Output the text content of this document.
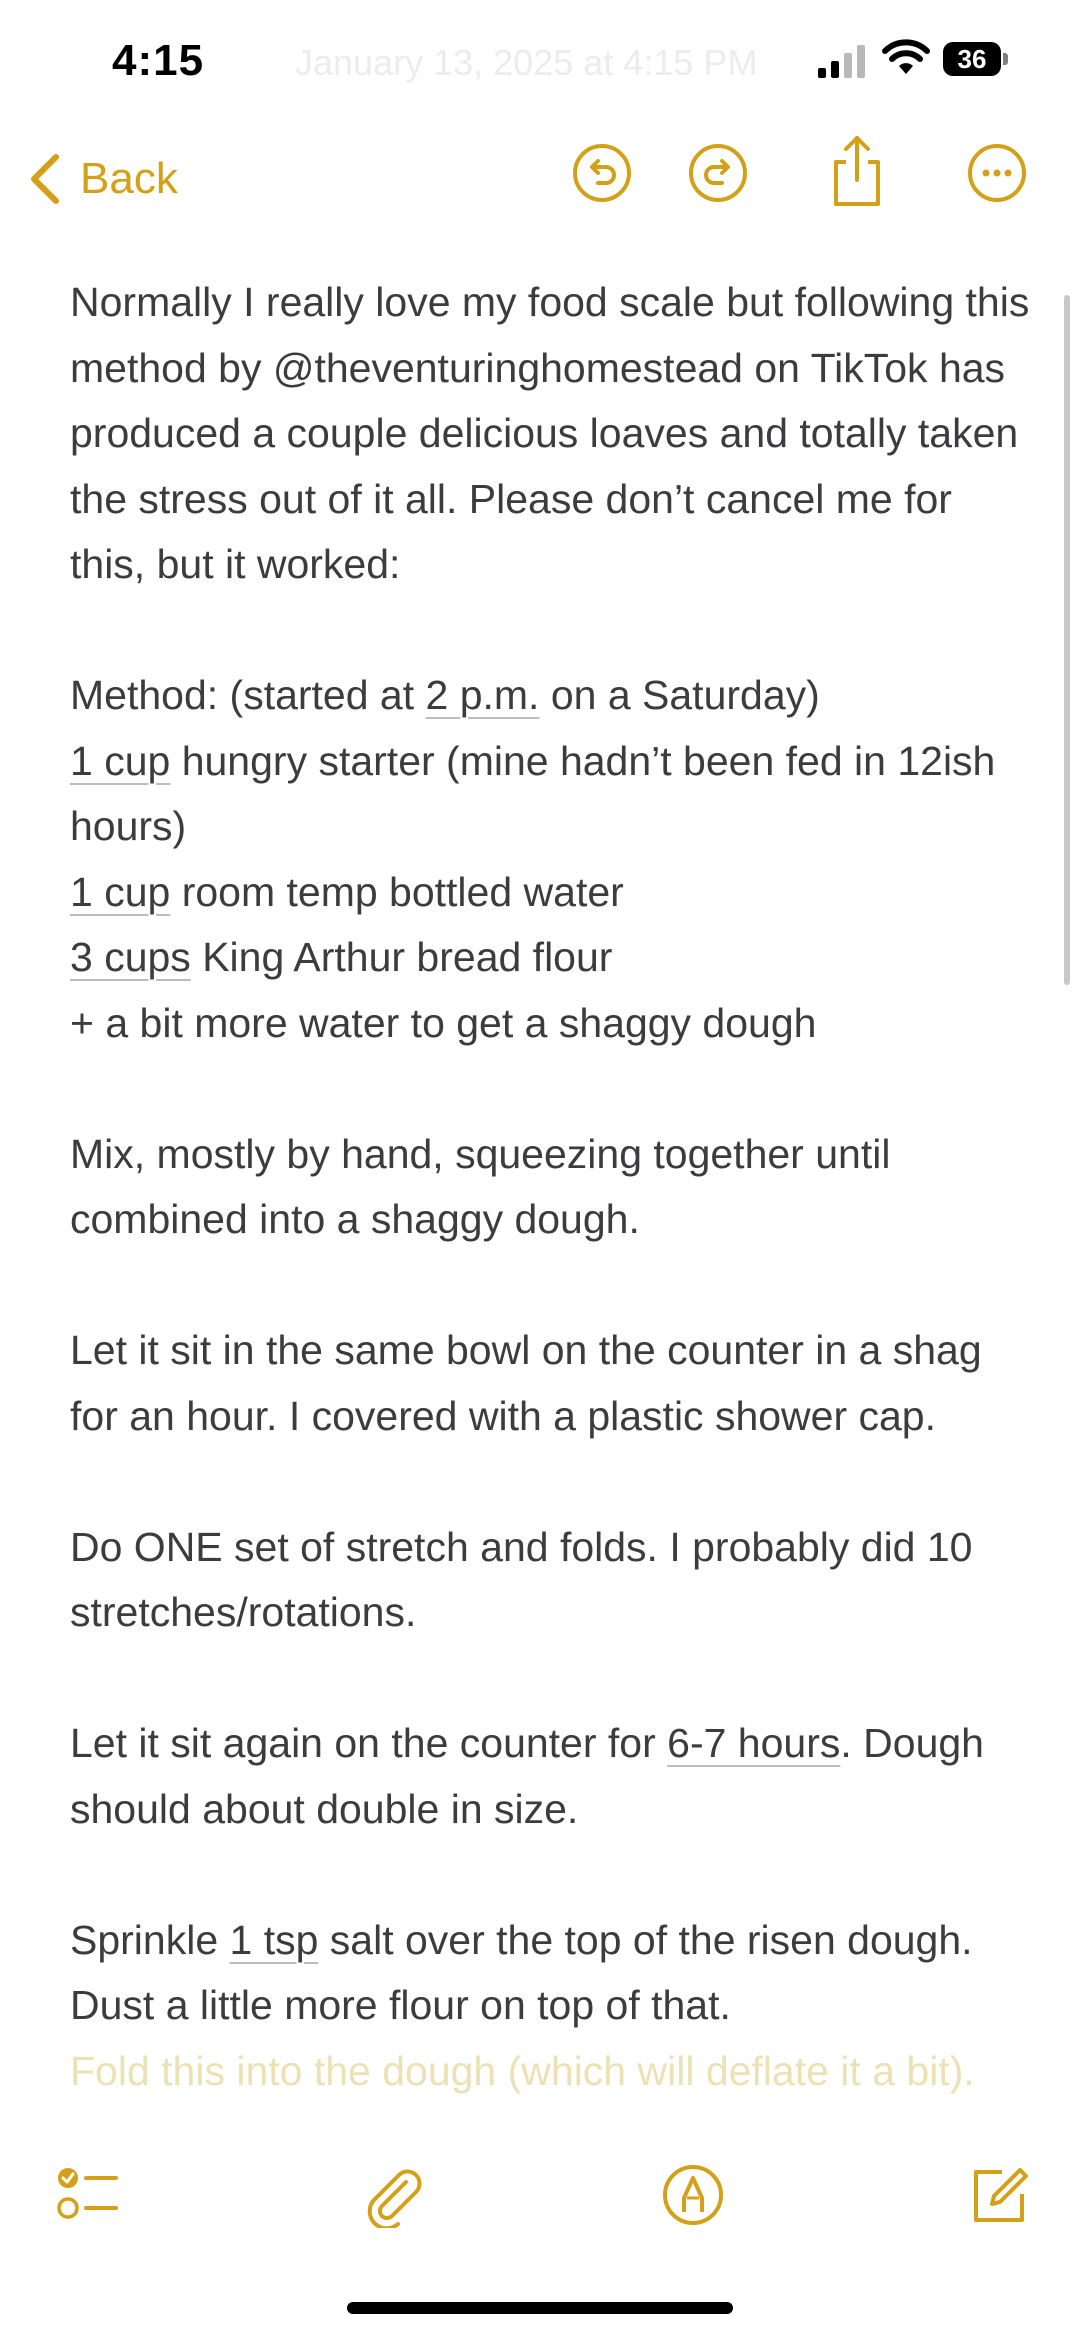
4:15	January 13, 2025 at 4:15 PM	36
Back

Normally I really love my food scale but following this method by @theventuringhomestead on TikTok has produced a couple delicious loaves and totally taken the stress out of it all. Please don’t cancel me for this, but it worked:

Method: (started at 2 p.m. on a Saturday)

1 cup hungry starter (mine hadn’t been fed in 12ish hours)

1 cup room temp bottled water

3 cups King Arthur bread flour

+ a bit more water to get a shaggy dough

Mix, mostly by hand, squeezing together until combined into a shaggy dough.

Let it sit in the same bowl on the counter in a shag for an hour. I covered with a plastic shower cap.

Do ONE set of stretch and folds. I probably did 10 stretches/rotations.

Let it sit again on the counter for 6-7 hours. Dough should about double in size.

Sprinkle 1 tsp salt over the top of the risen dough. Dust a little more flour on top of that.

Fold this into the dough (which will deflate it a bit).
